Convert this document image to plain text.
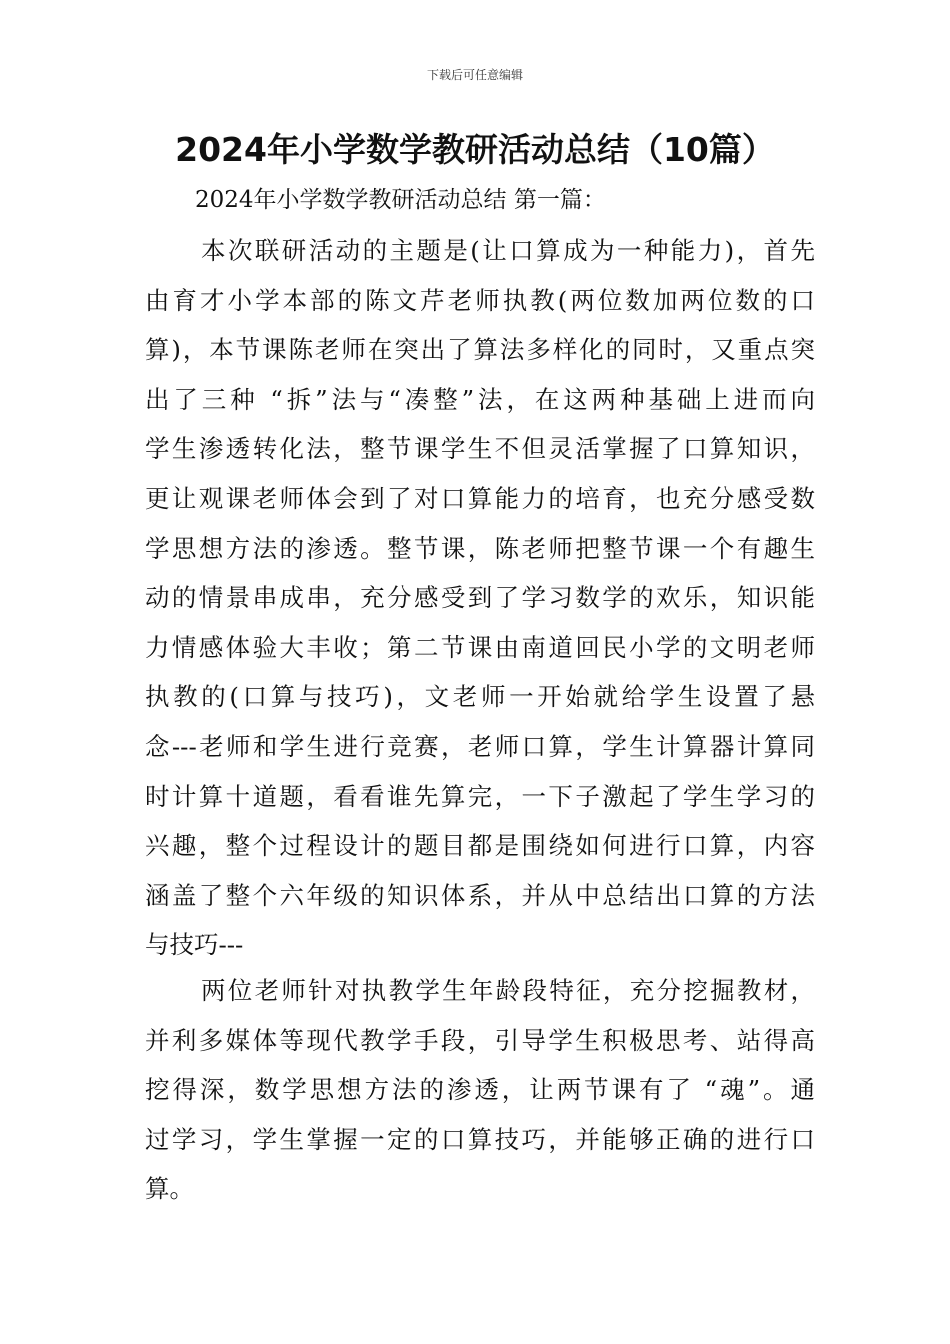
下载后可任意编辑
2024年小学数学教研活动总结（10篇）
2024年小学数学教研活动总结 第一篇：
本次联研活动的主题是(让口算成为一种能力)，首先
由育才小学本部的陈文芹老师执教(两位数加两位数的口
算)，本节课陈老师在突出了算法多样化的同时，又重点突
出了三种 “拆”法与“凑整”法，在这两种基础上进而向
学生渗透转化法，整节课学生不但灵活掌握了口算知识，
更让观课老师体会到了对口算能力的培育，也充分感受数
学思想方法的渗透。整节课，陈老师把整节课一个有趣生
动的情景串成串，充分感受到了学习数学的欢乐，知识能
力情感体验大丰收；第二节课由南道回民小学的文明老师
执教的(口算与技巧)，文老师一开始就给学生设置了悬
念---老师和学生进行竞赛，老师口算，学生计算器计算同
时计算十道题，看看谁先算完，一下子激起了学生学习的
兴趣，整个过程设计的题目都是围绕如何进行口算，内容
涵盖了整个六年级的知识体系，并从中总结出口算的方法
与技巧---
两位老师针对执教学生年龄段特征，充分挖掘教材，
并利多媒体等现代教学手段，引导学生积极思考、站得高
挖得深，数学思想方法的渗透，让两节课有了 “魂”。通
过学习，学生掌握一定的口算技巧，并能够正确的进行口
算。
